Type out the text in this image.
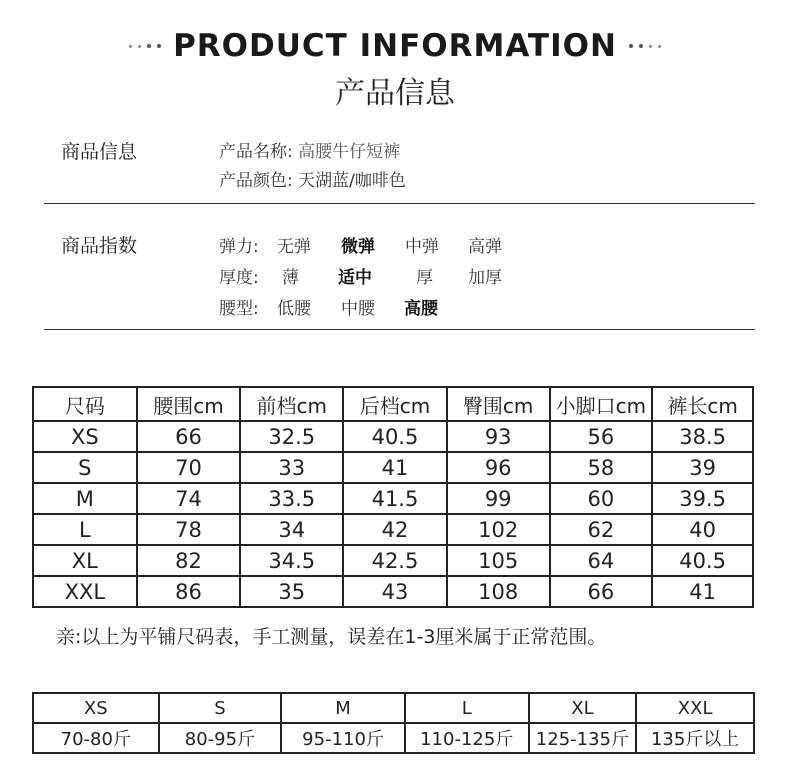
PRODUCT INFORMATION
产品信息
商品信息	产品名称: 高腰牛仔短裤
产品颜色: 天湖蓝/咖啡色
商品指数	弹力: 无弹 微弹 中弹 高弹
厚度: 薄 适中	厚 加厚
腰型: 低腰 中腰 高腰
尺码	腰围cm	前档cm	后档cm	臀围cm	小脚口cm	裤长cm
XS	66	32.5	40.5	93	56	38.5
S	70	33	41	96	58	39
M	74	33.5	41.5	99	60	39.5
L	78	34	42	102	62	40
XL	82	34.5	42.5	105	64	40.5
XXL	86	35	43	108	66	41
亲:以上为平铺尺码表，手工测量，误差在1-3厘米属于正常范围。
XS	S	M	L	XL	XXL
70-80斤	80-95斤	95-110斤	110-125斤	125-135斤	135斤以上
